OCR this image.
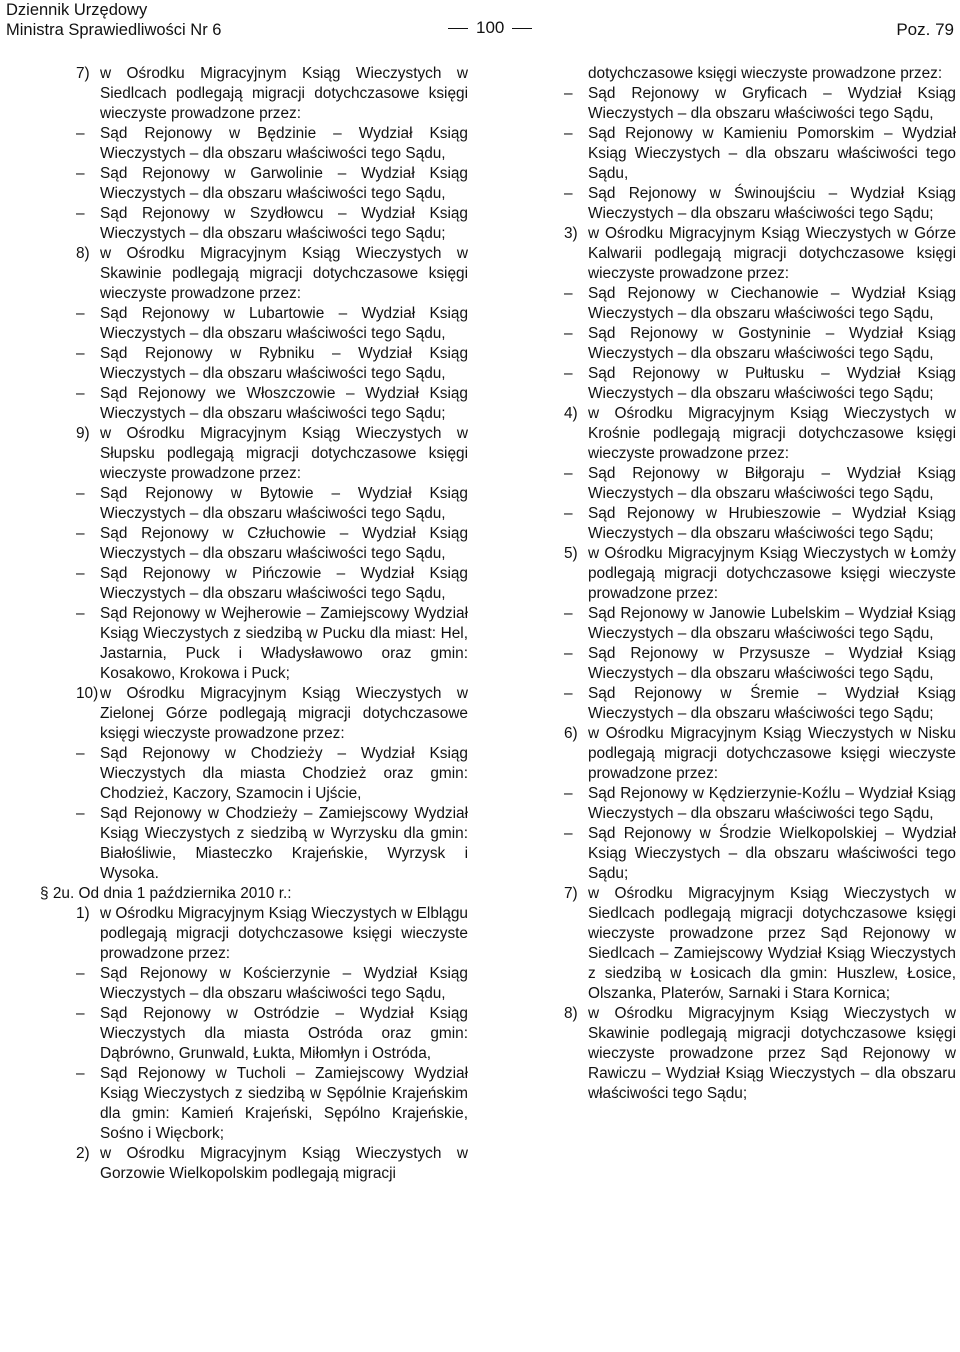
Dziennik Urzędowy
Ministra Sprawiedliwości Nr 6	100	Poz. 79
7) w Ośrodku Migracyjnym Ksiąg Wieczystych w Siedlcach podlegają migracji dotychczasowe księgi wieczyste prowadzone przez:
– Sąd Rejonowy w Będzinie – Wydział Ksiąg Wieczystych – dla obszaru właściwości tego Sądu,
– Sąd Rejonowy w Garwolinie – Wydział Ksiąg Wieczystych – dla obszaru właściwości tego Sądu,
– Sąd Rejonowy w Szydłowcu – Wydział Ksiąg Wieczystych – dla obszaru właściwości tego Sądu;
8) w Ośrodku Migracyjnym Ksiąg Wieczystych w Skawinie podlegają migracji dotychczasowe księgi wieczyste prowadzone przez:
– Sąd Rejonowy w Lubartowie – Wydział Ksiąg Wieczystych – dla obszaru właściwości tego Sądu,
– Sąd Rejonowy w Rybniku – Wydział Ksiąg Wieczystych – dla obszaru właściwości tego Sądu,
– Sąd Rejonowy we Włoszczowie – Wydział Ksiąg Wieczystych – dla obszaru właściwości tego Sądu;
9) w Ośrodku Migracyjnym Ksiąg Wieczystych w Słupsku podlegają migracji dotychczasowe księgi wieczyste prowadzone przez:
– Sąd Rejonowy w Bytowie – Wydział Ksiąg Wieczystych – dla obszaru właściwości tego Sądu,
– Sąd Rejonowy w Człuchowie – Wydział Ksiąg Wieczystych – dla obszaru właściwości tego Sądu,
– Sąd Rejonowy w Pińczowie – Wydział Ksiąg Wieczystych – dla obszaru właściwości tego Sądu,
– Sąd Rejonowy w Wejherowie – Zamiejscowy Wydział Ksiąg Wieczystych z siedzibą w Pucku dla miast: Hel, Jastarnia, Puck i Władysławowo oraz gmin: Kosakowo, Krokowa i Puck;
10) w Ośrodku Migracyjnym Ksiąg Wieczystych w Zielonej Górze podlegają migracji dotychczasowe księgi wieczyste prowadzone przez:
– Sąd Rejonowy w Chodzieży – Wydział Ksiąg Wieczystych dla miasta Chodzież oraz gmin: Chodzież, Kaczory, Szamocin i Ujście,
– Sąd Rejonowy w Chodzieży – Zamiejscowy Wydział Ksiąg Wieczystych z siedzibą w Wyrzysku dla gmin: Białośliwie, Miasteczko Krajeńskie, Wyrzysk i Wysoka.
§ 2u. Od dnia 1 października 2010 r.:
1) w Ośrodku Migracyjnym Ksiąg Wieczystych w Elblągu podlegają migracji dotychczasowe księgi wieczyste prowadzone przez:
– Sąd Rejonowy w Kościerzynie – Wydział Ksiąg Wieczystych – dla obszaru właściwości tego Sądu,
– Sąd Rejonowy w Ostródzie – Wydział Ksiąg Wieczystych dla miasta Ostróda oraz gmin: Dąbrówno, Grunwald, Łukta, Miłomłyn i Ostróda,
– Sąd Rejonowy w Tucholi – Zamiejscowy Wydział Ksiąg Wieczystych z siedzibą w Sępólnie Krajeńskim dla gmin: Kamień Krajeński, Sępólno Krajeńskie, Sośno i Więcbork;
2) w Ośrodku Migracyjnym Ksiąg Wieczystych w Gorzowie Wielkopolskim podlegają migracji
dotychczasowe księgi wieczyste prowadzone przez:
– Sąd Rejonowy w Gryficach – Wydział Ksiąg Wieczystych – dla obszaru właściwości tego Sądu,
– Sąd Rejonowy w Kamieniu Pomorskim – Wydział Ksiąg Wieczystych – dla obszaru właściwości tego Sądu,
– Sąd Rejonowy w Świnoujściu – Wydział Ksiąg Wieczystych – dla obszaru właściwości tego Sądu;
3) w Ośrodku Migracyjnym Ksiąg Wieczystych w Górze Kalwarii podlegają migracji dotychczasowe księgi wieczyste prowadzone przez:
– Sąd Rejonowy w Ciechanowie – Wydział Ksiąg Wieczystych – dla obszaru właściwości tego Sądu,
– Sąd Rejonowy w Gostyninie – Wydział Ksiąg Wieczystych – dla obszaru właściwości tego Sądu,
– Sąd Rejonowy w Pułtusku – Wydział Ksiąg Wieczystych – dla obszaru właściwości tego Sądu;
4) w Ośrodku Migracyjnym Ksiąg Wieczystych w Krośnie podlegają migracji dotychczasowe księgi wieczyste prowadzone przez:
– Sąd Rejonowy w Biłgoraju – Wydział Ksiąg Wieczystych – dla obszaru właściwości tego Sądu,
– Sąd Rejonowy w Hrubieszowie – Wydział Ksiąg Wieczystych – dla obszaru właściwości tego Sądu;
5) w Ośrodku Migracyjnym Ksiąg Wieczystych w Łomży podlegają migracji dotychczasowe księgi wieczyste prowadzone przez:
– Sąd Rejonowy w Janowie Lubelskim – Wydział Ksiąg Wieczystych – dla obszaru właściwości tego Sądu,
– Sąd Rejonowy w Przysusze – Wydział Ksiąg Wieczystych – dla obszaru właściwości tego Sądu,
– Sąd Rejonowy w Śremie – Wydział Ksiąg Wieczystych – dla obszaru właściwości tego Sądu;
6) w Ośrodku Migracyjnym Ksiąg Wieczystych w Nisku podlegają migracji dotychczasowe księgi wieczyste prowadzone przez:
– Sąd Rejonowy w Kędzierzynie-Koźlu – Wydział Ksiąg Wieczystych – dla obszaru właściwości tego Sądu,
– Sąd Rejonowy w Środzie Wielkopolskiej – Wydział Ksiąg Wieczystych – dla obszaru właściwości tego Sądu;
7) w Ośrodku Migracyjnym Ksiąg Wieczystych w Siedlcach podlegają migracji dotychczasowe księgi wieczyste prowadzone przez Sąd Rejonowy w Siedlcach – Zamiejscowy Wydział Ksiąg Wieczystych z siedzibą w Łosicach dla gmin: Huszlew, Łosice, Olszanka, Platerów, Sarnaki i Stara Kornica;
8) w Ośrodku Migracyjnym Ksiąg Wieczystych w Skawinie podlegają migracji dotychczasowe księgi wieczyste prowadzone przez Sąd Rejonowy w Rawiczu – Wydział Ksiąg Wieczystych – dla obszaru właściwości tego Sądu;
